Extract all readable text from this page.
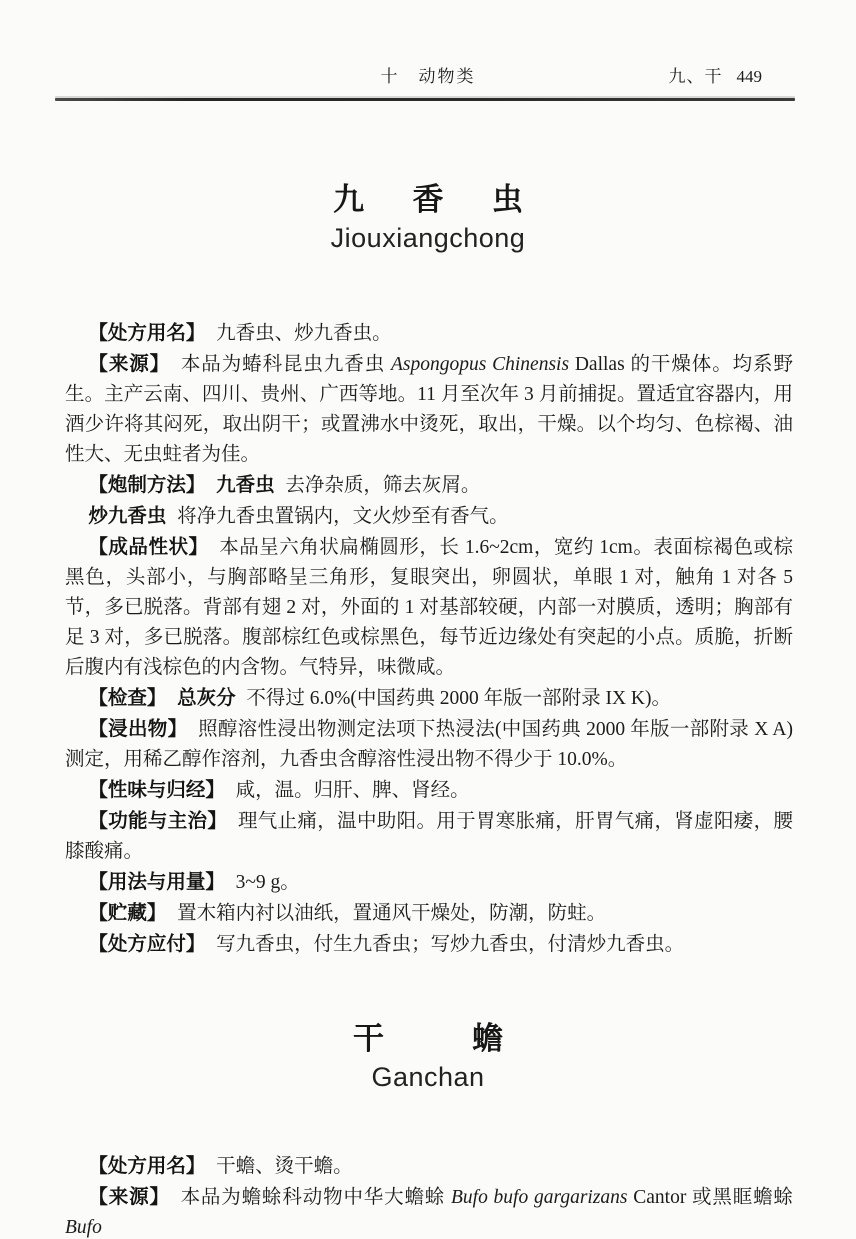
十　动物类	九、干 449
九　香　虫
Jiouxiangchong

【处方用名】 九香虫、炒九香虫。

【来源】 本品为蝽科昆虫九香虫 Aspongopus Chinensis Dallas 的干燥体。均系野生。主产云南、四川、贵州、广西等地。11 月至次年 3 月前捕捉。置适宜容器内，用酒少许将其闷死，取出阴干；或置沸水中烫死，取出，干燥。以个均匀、色棕褐、油性大、无虫蛀者为佳。

【炮制方法】 九香虫 去净杂质，筛去灰屑。

炒九香虫 将净九香虫置锅内，文火炒至有香气。

【成品性状】 本品呈六角状扁椭圆形，长 1.6~2cm，宽约 1cm。表面棕褐色或棕黑色，头部小，与胸部略呈三角形，复眼突出，卵圆状，单眼 1 对，触角 1 对各 5 节，多已脱落。背部有翅 2 对，外面的 1 对基部较硬，内部一对膜质，透明；胸部有足 3 对，多已脱落。腹部棕红色或棕黑色，每节近边缘处有突起的小点。质脆，折断后腹内有浅棕色的内含物。气特异，味微咸。

【检查】 总灰分 不得过 6.0%(中国药典 2000 年版一部附录 IX K)。

【浸出物】 照醇溶性浸出物测定法项下热浸法(中国药典 2000 年版一部附录 X A)测定，用稀乙醇作溶剂，九香虫含醇溶性浸出物不得少于 10.0%。

【性味与归经】 咸，温。归肝、脾、肾经。

【功能与主治】 理气止痛，温中助阳。用于胃寒胀痛，肝胃气痛，肾虚阳痿，腰膝酸痛。

【用法与用量】 3~9 g。

【贮藏】 置木箱内衬以油纸，置通风干燥处，防潮，防蛀。

【处方应付】 写九香虫，付生九香虫；写炒九香虫，付清炒九香虫。

干　　蟾
Ganchan

【处方用名】 干蟾、烫干蟾。

【来源】 本品为蟾蜍科动物中华大蟾蜍 Bufo bufo gargarizans Cantor 或黑眶蟾蜍 Bufo
